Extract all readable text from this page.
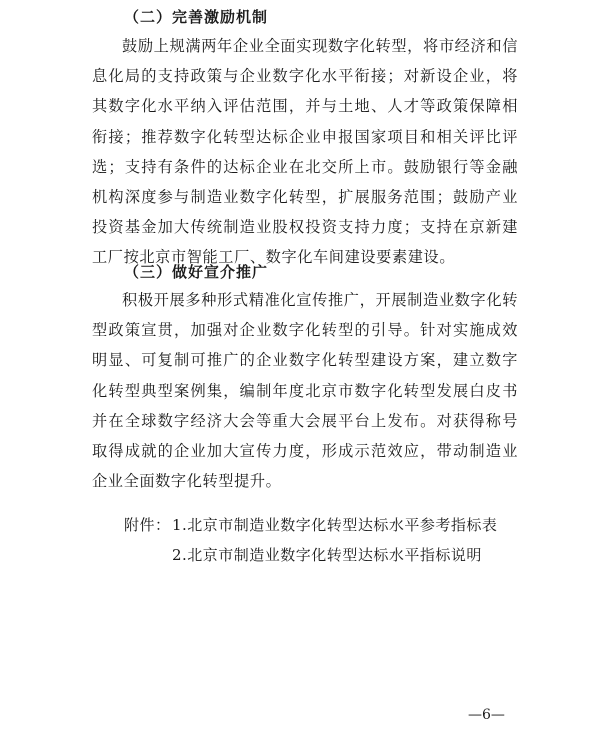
（二）完善激励机制

鼓励上规满两年企业全面实现数字化转型，将市经济和信息化局的支持政策与企业数字化水平衔接；对新设企业，将其数字化水平纳入评估范围，并与土地、人才等政策保障相衔接；推荐数字化转型达标企业申报国家项目和相关评比评选；支持有条件的达标企业在北交所上市。鼓励银行等金融机构深度参与制造业数字化转型，扩展服务范围；鼓励产业投资基金加大传统制造业股权投资支持力度；支持在京新建工厂按北京市智能工厂、数字化车间建设要素建设。

（三）做好宣介推广

积极开展多种形式精准化宣传推广，开展制造业数字化转型政策宣贯，加强对企业数字化转型的引导。针对实施成效明显、可复制可推广的企业数字化转型建设方案，建立数字化转型典型案例集，编制年度北京市数字化转型发展白皮书并在全球数字经济大会等重大会展平台上发布。对获得称号取得成就的企业加大宣传力度，形成示范效应，带动制造业企业全面数字化转型提升。

附件： 1.北京市制造业数字化转型达标水平参考指标表
2.北京市制造业数字化转型达标水平指标说明
—6—
